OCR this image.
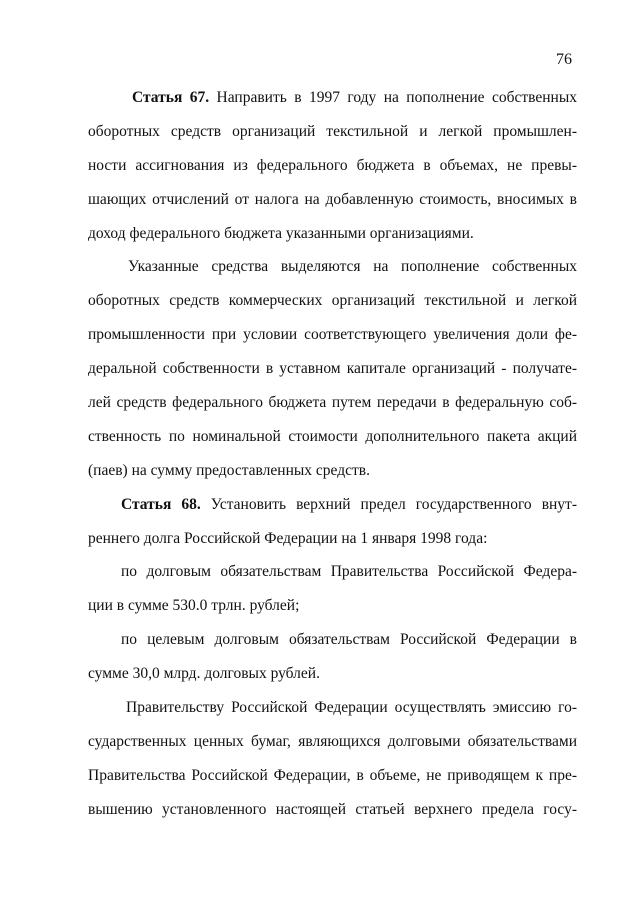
76
Статья 67. Направить в 1997 году на пополнение собственных
оборотных средств организаций текстильной и легкой промышлен-
ности ассигнования из федерального бюджета в объемах, не превы-
шающих отчислений от налога на добавленную стоимость, вносимых в
доход федерального бюджета указанными организациями.
Указанные средства выделяются на пополнение собственных
оборотных средств коммерческих организаций текстильной и легкой
промышленности при условии соответствующего увеличения доли фе-
деральной собственности в уставном капитале организаций - получате-
лей средств федерального бюджета путем передачи в федеральную соб-
ственность по номинальной стоимости дополнительного пакета акций
(паев) на сумму предоставленных средств.
Статья 68. Установить верхний предел государственного внут-
реннего долга Российской Федерации на 1 января 1998 года:
по долговым обязательствам Правительства Российской Федера-
ции в сумме 530.0 трлн. рублей;
по целевым долговым обязательствам Российской Федерации в
сумме 30,0 млрд. долговых рублей.
Правительству Российской Федерации осуществлять эмиссию го-
сударственных ценных бумаг, являющихся долговыми обязательствами
Правительства Российской Федерации, в объеме, не приводящем к пре-
вышению установленного настоящей статьей верхнего предела госу-
